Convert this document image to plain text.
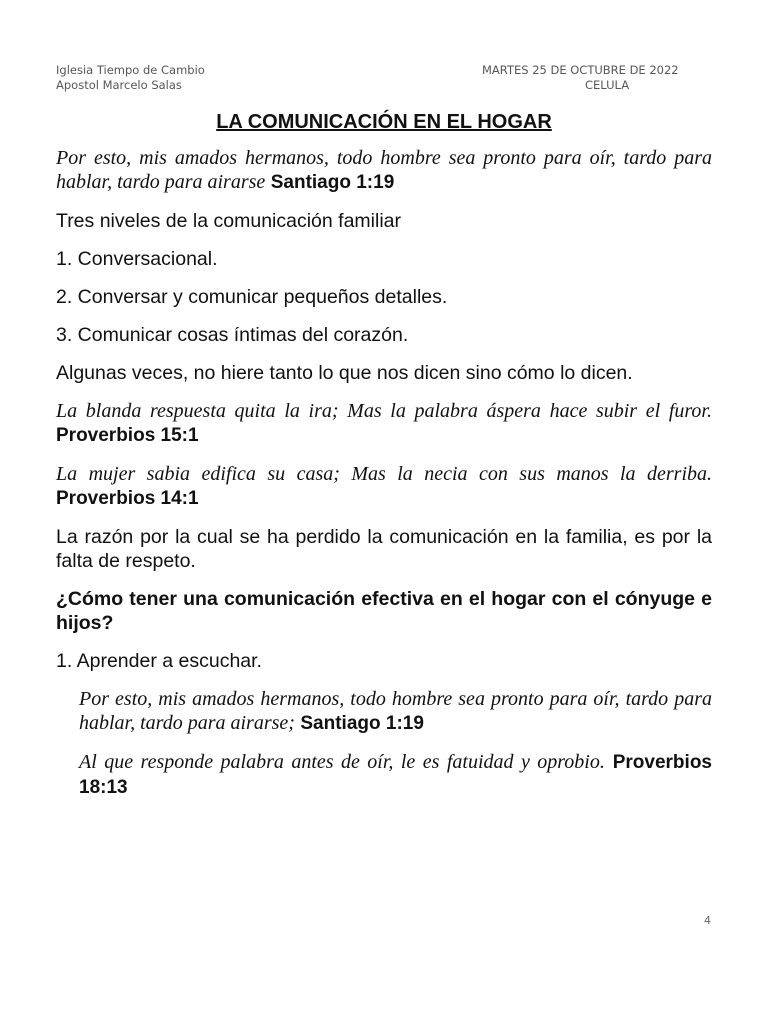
Iglesia Tiempo de Cambio
Apostol Marcelo Salas
MARTES 25 DE OCTUBRE DE 2022
CELULA
LA COMUNICACIÓN EN EL HOGAR

Por esto, mis amados hermanos, todo hombre sea pronto para oír, tardo para hablar, tardo para airarse Santiago 1:19

Tres niveles de la comunicación familiar

1. Conversacional.

2. Conversar y comunicar pequeños detalles.

3. Comunicar cosas íntimas del corazón.

Algunas veces, no hiere tanto lo que nos dicen sino cómo lo dicen.

La blanda respuesta quita la ira; Mas la palabra áspera hace subir el furor. Proverbios 15:1

La mujer sabia edifica su casa; Mas la necia con sus manos la derriba. Proverbios 14:1

La razón por la cual se ha perdido la comunicación en la familia, es por la falta de respeto.

¿Cómo tener una comunicación efectiva en el hogar con el cónyuge e hijos?

1. Aprender a escuchar.

Por esto, mis amados hermanos, todo hombre sea pronto para oír, tardo para hablar, tardo para airarse; Santiago 1:19

Al que responde palabra antes de oír, le es fatuidad y oprobio. Proverbios 18:13

4
